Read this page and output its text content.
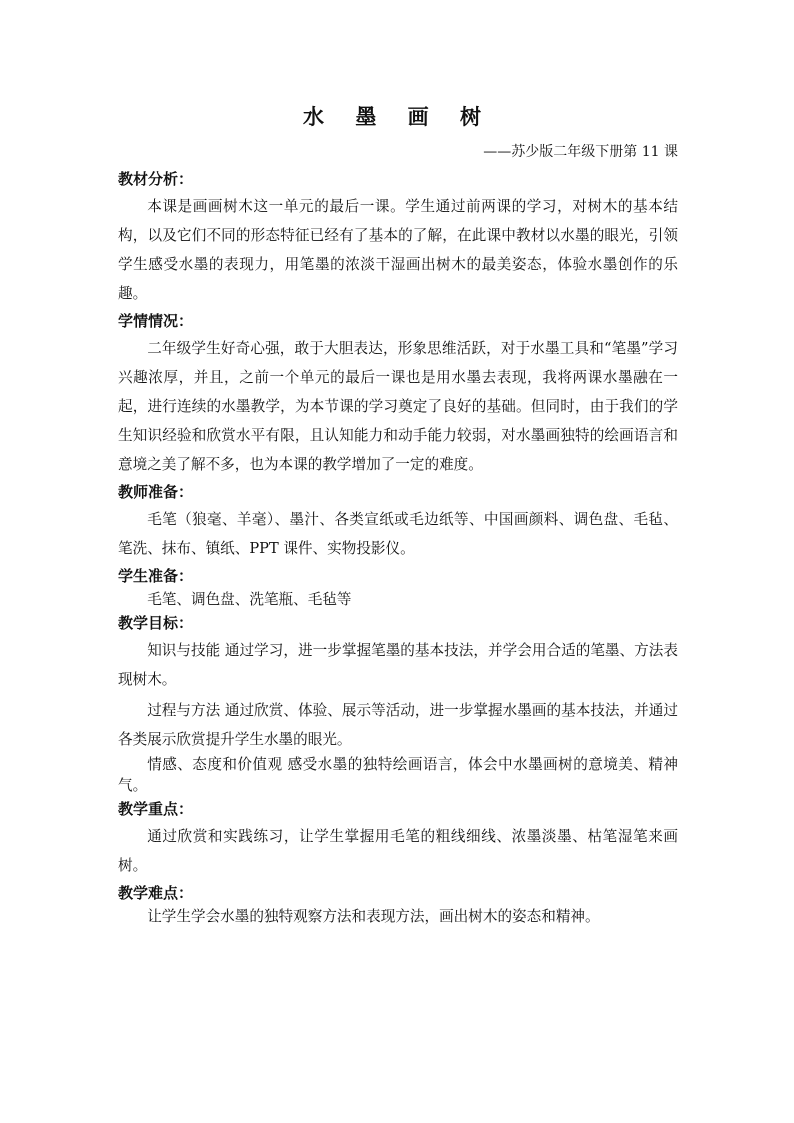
水 墨 画 树

——苏少版二年级下册第 11 课

教材分析：

本课是画画树木这一单元的最后一课。学生通过前两课的学习，对树木的基本结构，以及它们不同的形态特征已经有了基本的了解，在此课中教材以水墨的眼光，引领学生感受水墨的表现力，用笔墨的浓淡干湿画出树木的最美姿态，体验水墨创作的乐趣。

学情情况：

二年级学生好奇心强，敢于大胆表达，形象思维活跃，对于水墨工具和“笔墨”学习兴趣浓厚，并且，之前一个单元的最后一课也是用水墨去表现，我将两课水墨融在一起，进行连续的水墨教学，为本节课的学习奠定了良好的基础。但同时，由于我们的学生知识经验和欣赏水平有限，且认知能力和动手能力较弱，对水墨画独特的绘画语言和意境之美了解不多，也为本课的教学增加了一定的难度。

教师准备：

毛笔（狼毫、羊毫）、墨汁、各类宣纸或毛边纸等、中国画颜料、调色盘、毛毡、笔洗、抹布、镇纸、PPT 课件、实物投影仪。

学生准备：

毛笔、调色盘、洗笔瓶、毛毡等

教学目标：

知识与技能 通过学习，进一步掌握笔墨的基本技法，并学会用合适的笔墨、方法表现树木。

过程与方法 通过欣赏、体验、展示等活动，进一步掌握水墨画的基本技法，并通过各类展示欣赏提升学生水墨的眼光。

情感、态度和价值观 感受水墨的独特绘画语言，体会中水墨画树的意境美、精神气。

教学重点：

通过欣赏和实践练习，让学生掌握用毛笔的粗线细线、浓墨淡墨、枯笔湿笔来画树。

教学难点：

让学生学会水墨的独特观察方法和表现方法，画出树木的姿态和精神。
